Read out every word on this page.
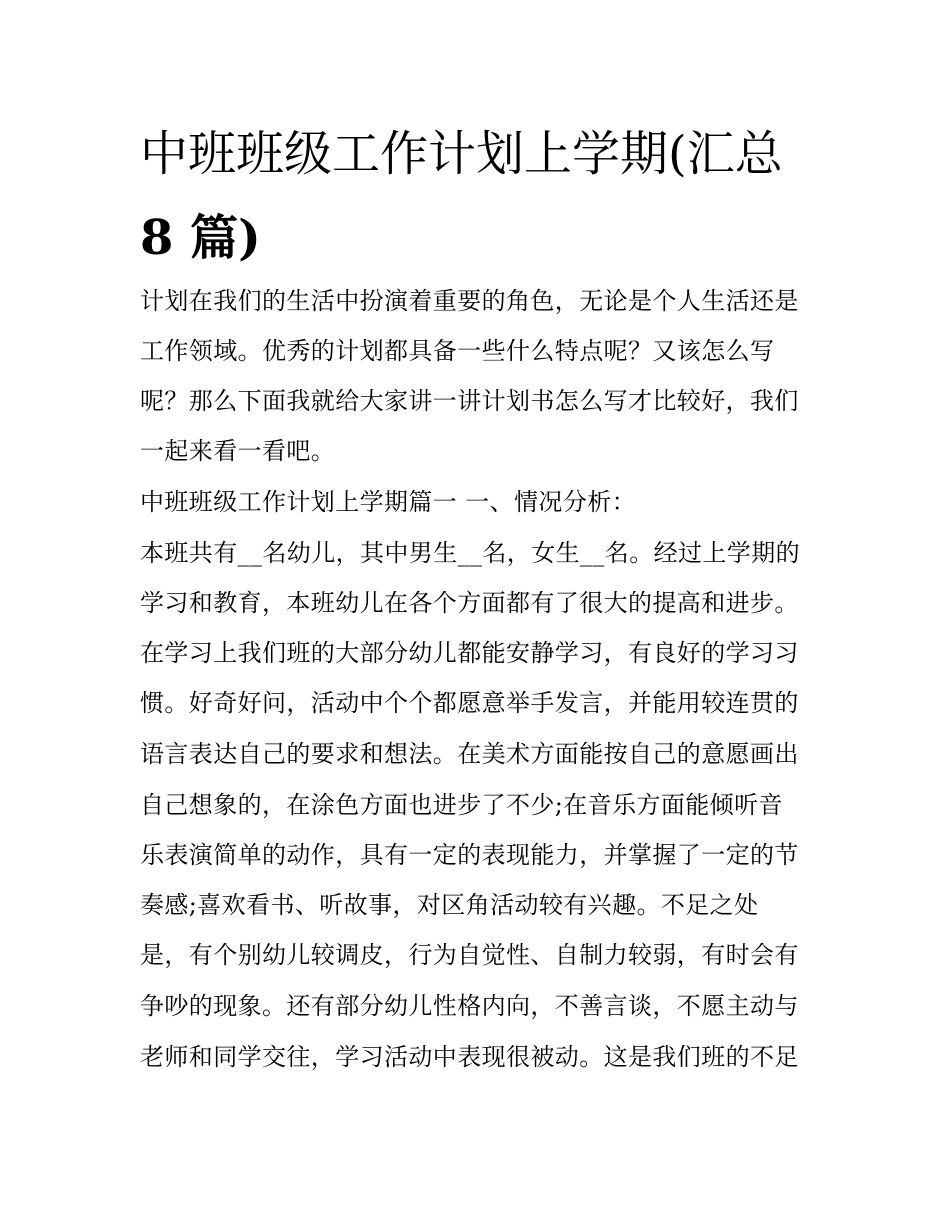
中班班级工作计划上学期(汇总
8 篇)

计划在我们的生活中扮演着重要的角色，无论是个人生活还是

工作领域。优秀的计划都具备一些什么特点呢？又该怎么写

呢？那么下面我就给大家讲一讲计划书怎么写才比较好，我们

一起来看一看吧。

中班班级工作计划上学期篇一 一、情况分析：

本班共有__名幼儿，其中男生__名，女生__名。经过上学期的

学习和教育，本班幼儿在各个方面都有了很大的提高和进步。

在学习上我们班的大部分幼儿都能安静学习，有良好的学习习

惯。好奇好问，活动中个个都愿意举手发言，并能用较连贯的

语言表达自己的要求和想法。在美术方面能按自己的意愿画出

自己想象的，在涂色方面也进步了不少;在音乐方面能倾听音

乐表演简单的动作，具有一定的表现能力，并掌握了一定的节

奏感;喜欢看书、听故事，对区角活动较有兴趣。不足之处

是，有个别幼儿较调皮，行为自觉性、自制力较弱，有时会有

争吵的现象。还有部分幼儿性格内向，不善言谈，不愿主动与

老师和同学交往，学习活动中表现很被动。这是我们班的不足
